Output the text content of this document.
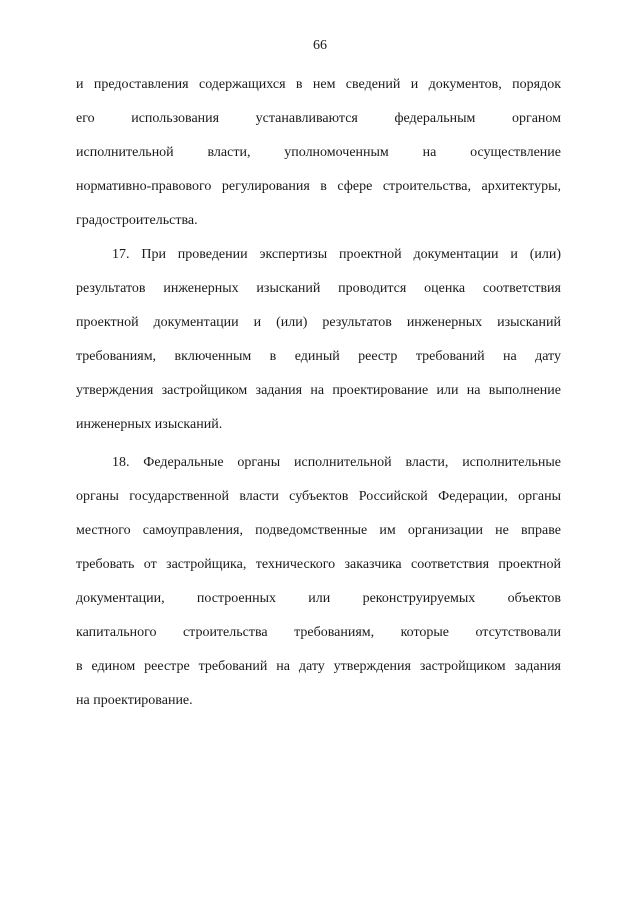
66
и предоставления содержащихся в нем сведений и документов, порядок
его использования устанавливаются федеральным органом
исполнительной власти, уполномоченным на осуществление
нормативно-правового регулирования в сфере строительства, архитектуры,
градостроительства.
17. При проведении экспертизы проектной документации и (или)
результатов инженерных изысканий проводится оценка соответствия
проектной документации и (или) результатов инженерных изысканий
требованиям, включенным в единый реестр требований на дату
утверждения застройщиком задания на проектирование или на выполнение
инженерных изысканий.
18. Федеральные органы исполнительной власти, исполнительные
органы государственной власти субъектов Российской Федерации, органы
местного самоуправления, подведомственные им организации не вправе
требовать от застройщика, технического заказчика соответствия проектной
документации, построенных или реконструируемых объектов
капитального строительства требованиям, которые отсутствовали
в едином реестре требований на дату утверждения застройщиком задания
на проектирование.
